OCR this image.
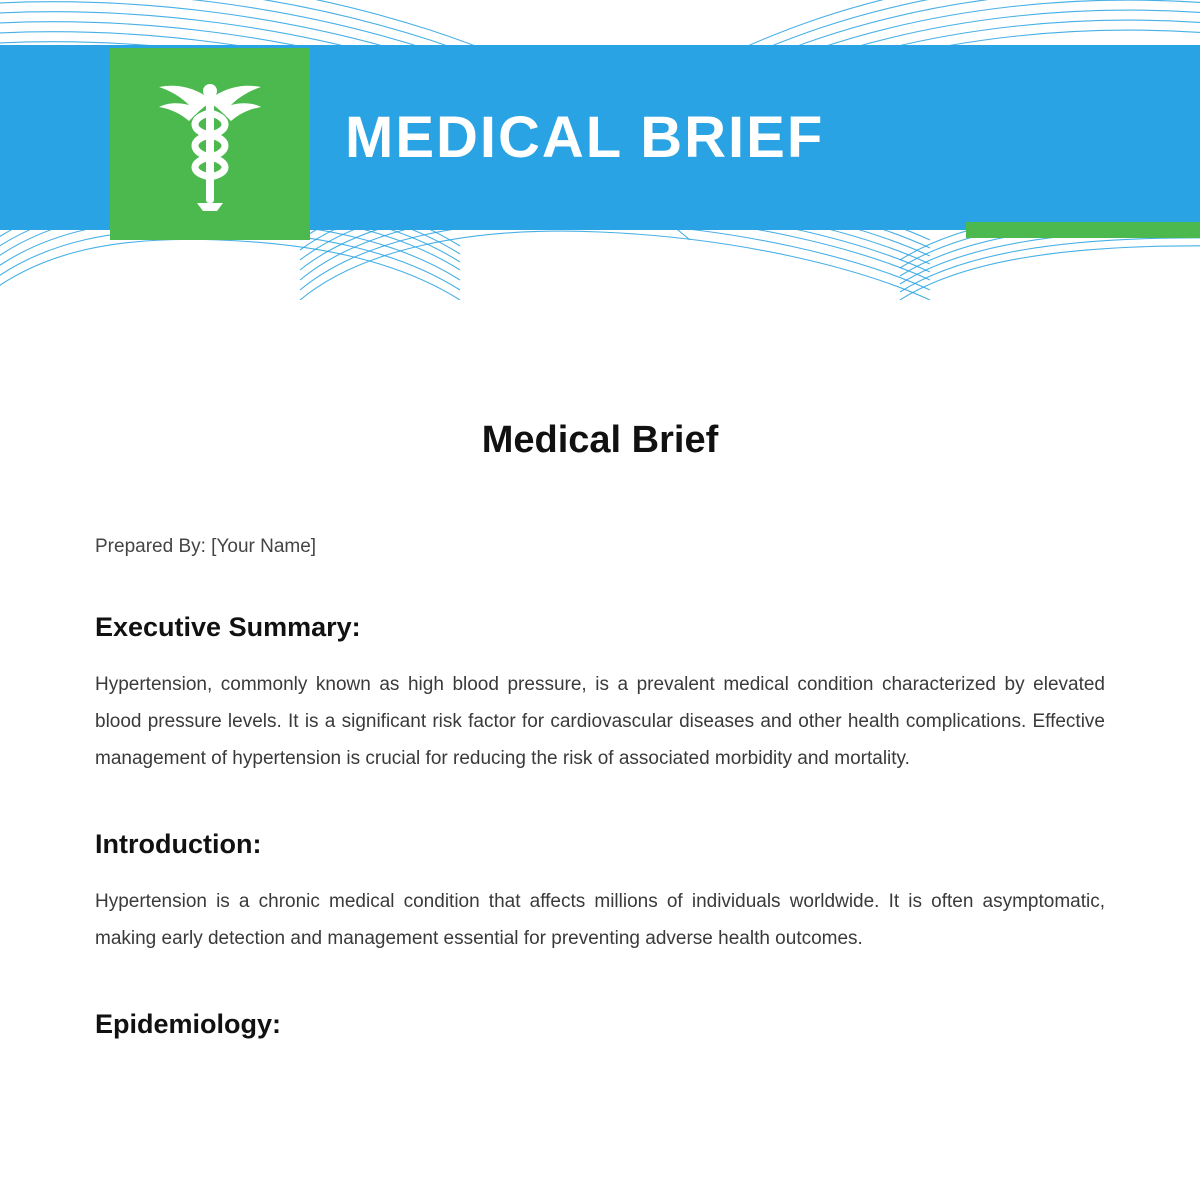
MEDICAL BRIEF
Medical Brief

Prepared By: [Your Name]

Executive Summary:

Hypertension, commonly known as high blood pressure, is a prevalent medical condition characterized by elevated blood pressure levels. It is a significant risk factor for cardiovascular diseases and other health complications. Effective management of hypertension is crucial for reducing the risk of associated morbidity and mortality.

Introduction:

Hypertension is a chronic medical condition that affects millions of individuals worldwide. It is often asymptomatic, making early detection and management essential for preventing adverse health outcomes.

Epidemiology:
